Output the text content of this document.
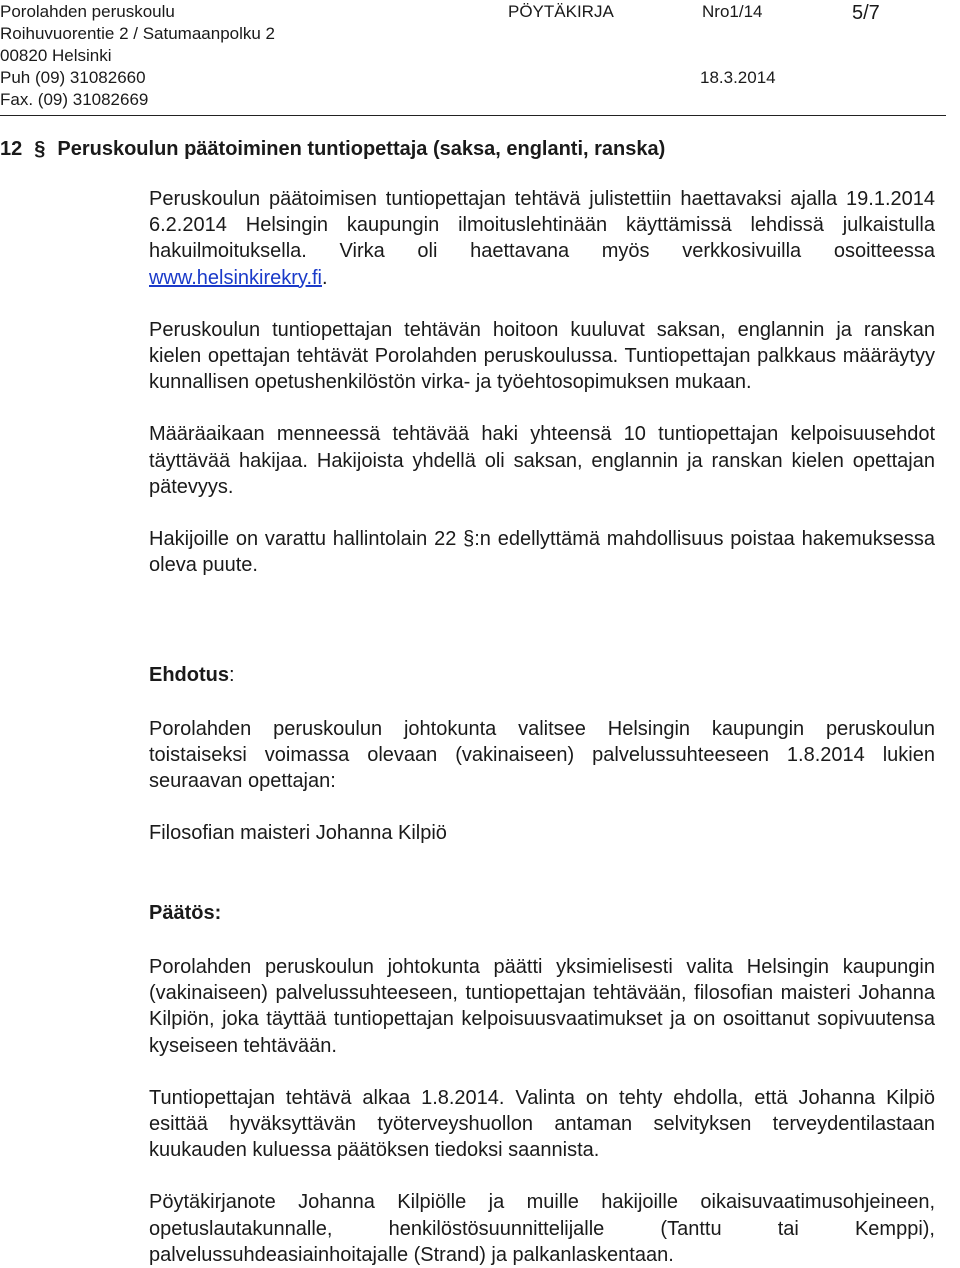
Porolahden peruskoulu	PÖYTÄKIRJA	Nro1/14	5/7
Roihuvuorentie 2 / Satumaanpolku 2
00820 Helsinki
Puh (09) 31082660	18.3.2014
Fax. (09) 31082669
12 § Peruskoulun päätoiminen tuntiopettaja (saksa, englanti, ranska)

Peruskoulun päätoimisen tuntiopettajan tehtävä julistettiin haettavaksi ajalla 19.1.2014 6.2.2014 Helsingin kaupungin ilmoituslehtinään käyttämissä lehdissä julkaistulla hakuilmoituksella. Virka oli haettavana myös verkkosivuilla osoitteessa www.helsinkirekry.fi.

Peruskoulun tuntiopettajan tehtävän hoitoon kuuluvat saksan, englannin ja ranskan kielen opettajan tehtävät Porolahden peruskoulussa. Tuntiopettajan palkkaus määräytyy kunnallisen opetushenkilöstön virka- ja työehtosopimuksen mukaan.

Määräaikaan menneessä tehtävää haki yhteensä 10 tuntiopettajan kelpoisuusehdot täyttävää hakijaa. Hakijoista yhdellä oli saksan, englannin ja ranskan kielen opettajan pätevyys.

Hakijoille on varattu hallintolain 22 §:n edellyttämä mahdollisuus poistaa hakemuksessa oleva puute.

Ehdotus:

Porolahden peruskoulun johtokunta valitsee Helsingin kaupungin peruskoulun toistaiseksi voimassa olevaan (vakinaiseen) palvelussuhteeseen 1.8.2014 lukien seuraavan opettajan:

Filosofian maisteri Johanna Kilpiö

Päätös:

Porolahden peruskoulun johtokunta päätti yksimielisesti valita Helsingin kaupungin (vakinaiseen) palvelussuhteeseen, tuntiopettajan tehtävään, filosofian maisteri Johanna Kilpiön, joka täyttää tuntiopettajan kelpoisuusvaatimukset ja on osoittanut sopivuutensa kyseiseen tehtävään.

Tuntiopettajan tehtävä alkaa 1.8.2014. Valinta on tehty ehdolla, että Johanna Kilpiö esittää hyväksyttävän työterveyshuollon antaman selvityksen terveydentilastaan kuukauden kuluessa päätöksen tiedoksi saannista.

Pöytäkirjanote Johanna Kilpiölle ja muille hakijoille oikaisuvaatimusohjeineen, opetuslautakunnalle, henkilöstösuunnittelijalle (Tanttu tai Kemppi), palvelussuhdeasiainhoitajalle (Strand) ja palkanlaskentaan.
